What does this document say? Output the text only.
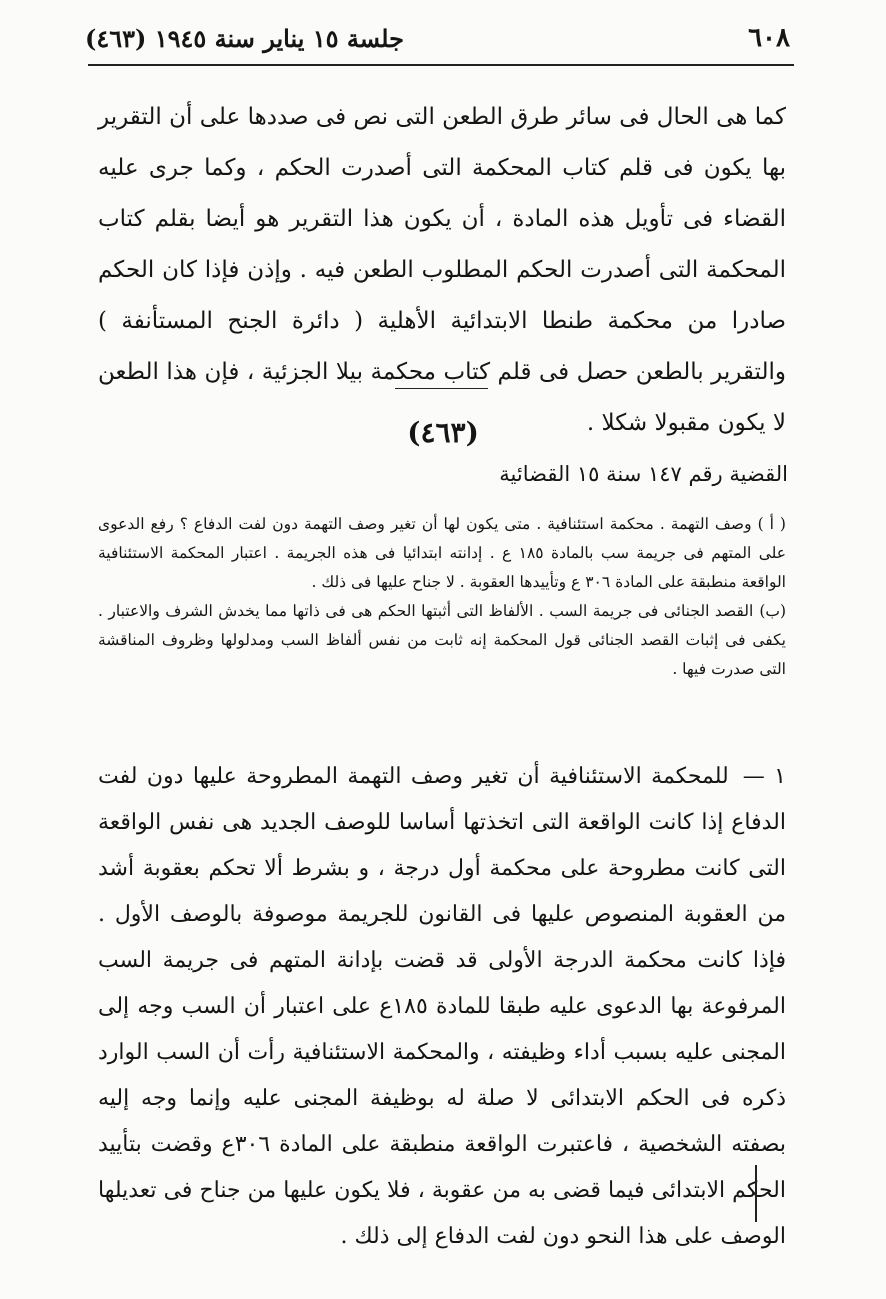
٦٠٨
جلسة ١٥ يناير سنة ١٩٤٥ (٤٦٣)

كما هى الحال فى سائر طرق الطعن التى نص فى صددها على أن التقرير بها يكون فى قلم كتاب المحكمة التى أصدرت الحكم ، وكما جرى عليه القضاء فى تأويل هذه المادة ، أن يكون هذا التقرير هو أيضا بقلم كتاب المحكمة التى أصدرت الحكم المطلوب الطعن فيه . وإذن فإذا كان الحكم صادرا من محكمة طنطا الابتدائية الأهلية ( دائرة الجنح المستأنفة ) والتقرير بالطعن حصل فى قلم كتاب محكمة بيلا الجزئية ، فإن هذا الطعن لا يكون مقبولا شكلا .

(٤٦٣)
القضية رقم ١٤٧ سنة ١٥ القضائية

( أ )وصف التهمة . محكمة استئنافية . متى يكون لها أن تغير وصف التهمة دون لفت الدفاع ؟ رفع الدعوى على المتهم فى جريمة سب بالمادة ١٨٥ ع . إدانته ابتدائيا فى هذه الجريمة . اعتبار المحكمة الاستئنافية الواقعة منطبقة على المادة ٣٠٦ ع وتأييدها العقوبة . لا جناح عليها فى ذلك .

(ب)القصد الجنائى فى جريمة السب . الألفاظ التى أثبتها الحكم هى فى ذاتها مما يخدش الشرف والاعتبار . يكفى فى إثبات القصد الجنائى قول المحكمة إنه ثابت من نفس ألفاظ السب ومدلولها وظروف المناقشة التى صدرت فيها .

١ —للمحكمة الاستئنافية أن تغير وصف التهمة المطروحة عليها دون لفت الدفاع إذا كانت الواقعة التى اتخذتها أساسا للوصف الجديد هى نفس الواقعة التى كانت مطروحة على محكمة أول درجة ، و بشرط ألا تحكم بعقوبة أشد من العقوبة المنصوص عليها فى القانون للجريمة موصوفة بالوصف الأول . فإذا كانت محكمة الدرجة الأولى قد قضت بإدانة المتهم فى جريمة السب المرفوعة بها الدعوى عليه طبقا للمادة ١٨٥ع على اعتبار أن السب وجه إلى المجنى عليه بسبب أداء وظيفته ، والمحكمة الاستئنافية رأت أن السب الوارد ذكره فى الحكم الابتدائى لا صلة له بوظيفة المجنى عليه وإنما وجه إليه بصفته الشخصية ، فاعتبرت الواقعة منطبقة على المادة ٣٠٦ع وقضت بتأييد الحكم الابتدائى فيما قضى به من عقوبة ، فلا يكون عليها من جناح فى تعديلها الوصف على هذا النحو دون لفت الدفاع إلى ذلك .
